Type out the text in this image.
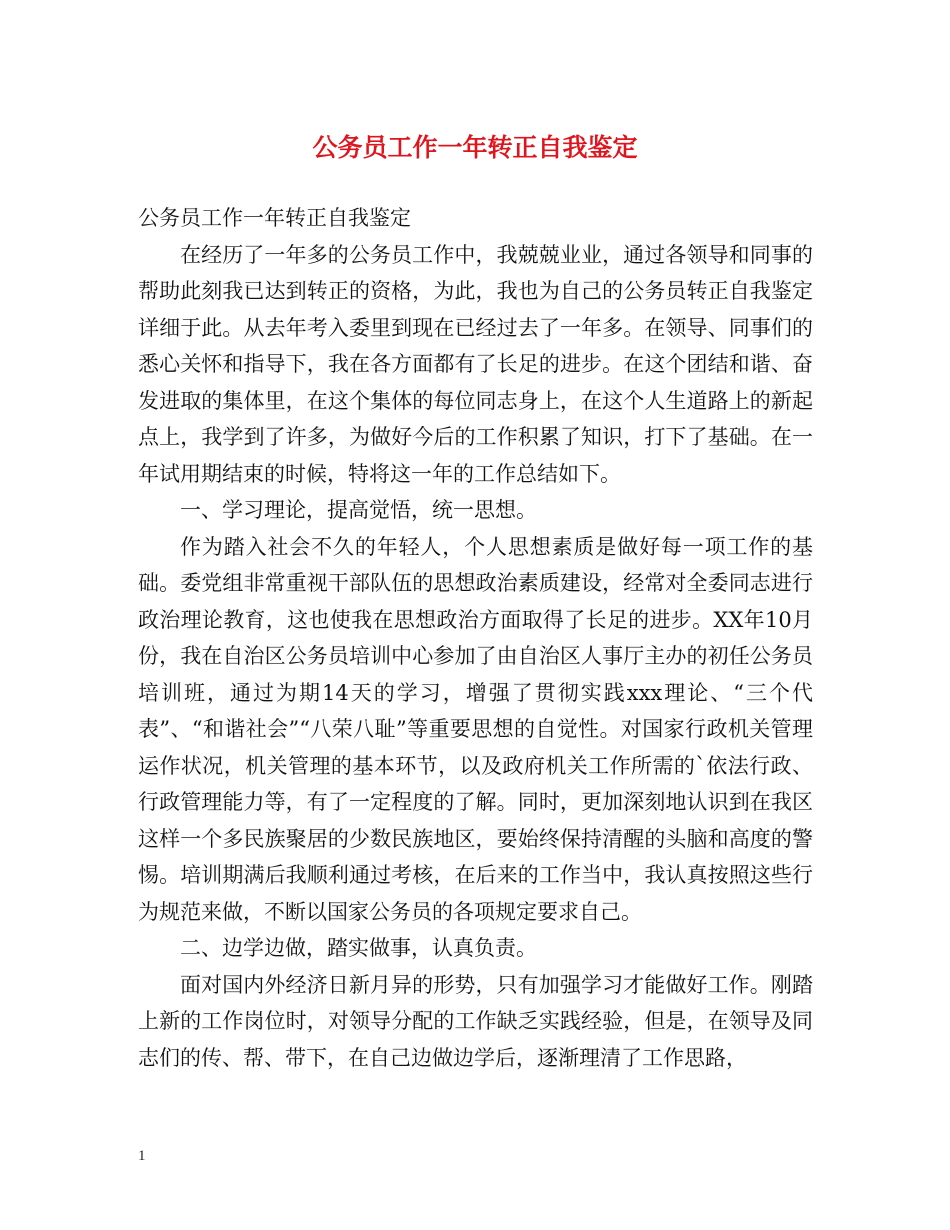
公务员工作一年转正自我鉴定

公务员工作一年转正自我鉴定

在经历了一年多的公务员工作中，我兢兢业业，通过各领导和同事的帮助此刻我已达到转正的资格，为此，我也为自己的公务员转正自我鉴定详细于此。从去年考入委里到现在已经过去了一年多。在领导、同事们的悉心关怀和指导下，我在各方面都有了长足的进步。在这个团结和谐、奋发进取的集体里，在这个集体的每位同志身上，在这个人生道路上的新起点上，我学到了许多，为做好今后的工作积累了知识，打下了基础。在一年试用期结束的时候，特将这一年的工作总结如下。

一、学习理论，提高觉悟，统一思想。

作为踏入社会不久的年轻人，个人思想素质是做好每一项工作的基础。委党组非常重视干部队伍的思想政治素质建设，经常对全委同志进行政治理论教育，这也使我在思想政治方面取得了长足的进步。XX年10月份，我在自治区公务员培训中心参加了由自治区人事厅主办的初任公务员培训班，通过为期14天的学习，增强了贯彻实践xxx理论、“三个代表”、“和谐社会”“八荣八耻”等重要思想的自觉性。对国家行政机关管理运作状况，机关管理的基本环节，以及政府机关工作所需的`依法行政、行政管理能力等，有了一定程度的了解。同时，更加深刻地认识到在我区这样一个多民族聚居的少数民族地区，要始终保持清醒的头脑和高度的警惕。培训期满后我顺利通过考核，在后来的工作当中，我认真按照这些行为规范来做，不断以国家公务员的各项规定要求自己。

二、边学边做，踏实做事，认真负责。

面对国内外经济日新月异的形势，只有加强学习才能做好工作。刚踏上新的工作岗位时，对领导分配的工作缺乏实践经验，但是，在领导及同志们的传、帮、带下，在自己边做边学后，逐渐理清了工作思路，

1
